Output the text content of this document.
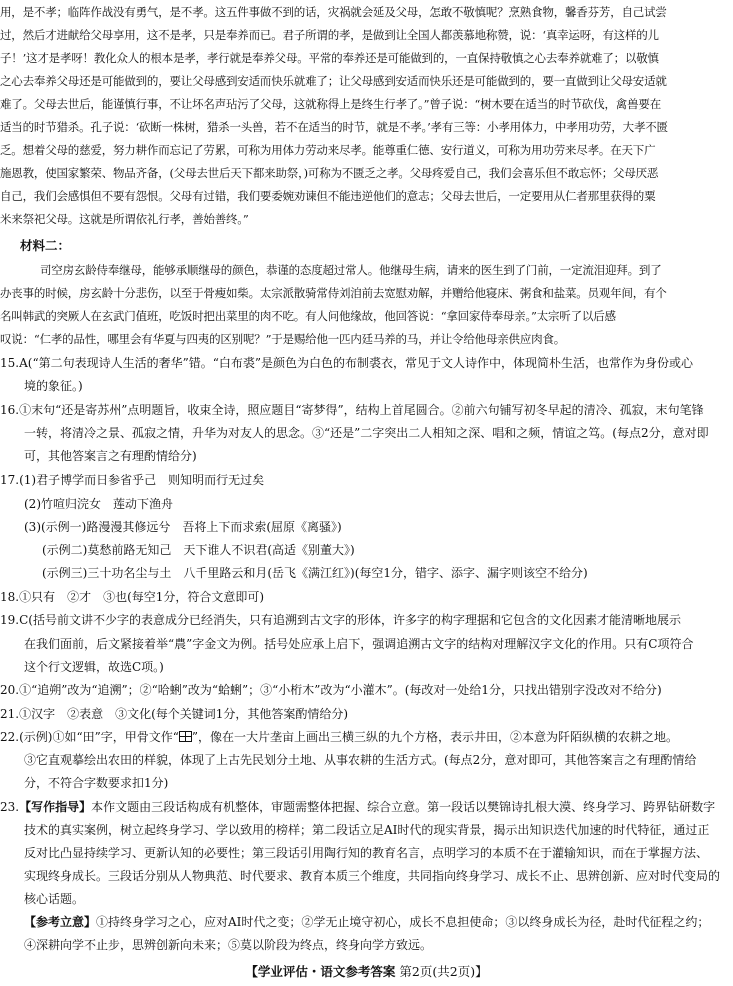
用，是不孝；临阵作战没有勇气，是不孝。这五件事做不到的话，灾祸就会延及父母，怎敢不敬慎呢？烹熟食物，馨香芬芳，自己试尝
过，然后才进献给父母享用，这不是孝，只是奉养而已。君子所谓的孝，是做到让全国人都羡慕地称赞，说：‘真幸运呀，有这样的儿
子！’这才是孝呀！教化众人的根本是孝，孝行就是奉养父母。平常的奉养还是可能做到的，一直保持敬慎之心去奉养就难了；以敬慎
之心去奉养父母还是可能做到的，要让父母感到安适而快乐就难了；让父母感到安适而快乐还是可能做到的，要一直做到让父母安适就
难了。父母去世后，能谨慎行事，不让坏名声玷污了父母，这就称得上是终生行孝了。”曾子说：“树木要在适当的时节砍伐，禽兽要在
适当的时节猎杀。孔子说：‘砍断一株树，猎杀一头兽，若不在适当的时节，就是不孝。’孝有三等：小孝用体力，中孝用功劳，大孝不匮
乏。想着父母的慈爱，努力耕作而忘记了劳累，可称为用体力劳动来尽孝。能尊重仁德、安行道义，可称为用功劳来尽孝。在天下广
施恩教，使国家繁荣、物品齐备，(父母去世后天下都来助祭，)可称为不匮乏之孝。父母疼爱自己，我们会喜乐但不敢忘怀；父母厌恶
自己，我们会感惧但不要有怨恨。父母有过错，我们要委婉劝谏但不能违逆他们的意志；父母去世后，一定要用从仁者那里获得的粟
米来祭祀父母。这就是所谓依礼行孝，善始善终。”
材料二：
司空房玄龄侍奉继母，能够承顺继母的颜色，恭谨的态度超过常人。他继母生病，请来的医生到了门前，一定流泪迎拜。到了
办丧事的时候，房玄龄十分悲伤，以至于骨瘦如柴。太宗派散骑常侍刘洎前去宽慰劝解，并赠给他寝床、粥食和盐菜。员观年间，有个
名叫韩武的突厥人在玄武门值班，吃饭时把出菜里的肉不吃。有人问他缘故，他回答说：“拿回家侍奉母亲。”太宗听了以后感
叹说：“仁孝的品性，哪里会有华夏与四夷的区别呢？”于是赐给他一匹内廷马养的马，并让令给他母亲供应肉食。
15.A(“第二句表现诗人生活的奢华”错。“白布裘”是颜色为白色的布制裘衣，常见于文人诗作中，体现简朴生活，也常作为身份或心
境的象征。)
16.①末句“还是寄苏州”点明题旨，收束全诗，照应题目“寄梦得”，结构上首尾圆合。②前六句铺写初冬早起的清冷、孤寂，末句笔锋
一转，将清冷之景、孤寂之情，升华为对友人的思念。③“还是”二字突出二人相知之深、唱和之频，情谊之笃。(每点2分，意对即
可，其他答案言之有理酌情给分)
17.(1)君子博学而日参省乎己　则知明而行无过矣
(2)竹喧归浣女　莲动下渔舟
(3)(示例一)路漫漫其修远兮　吾将上下而求索(屈原《离骚》)
(示例二)莫愁前路无知己　天下谁人不识君(高适《别董大》)
(示例三)三十功名尘与土　八千里路云和月(岳飞《满江红》)(每空1分，错字、添字、漏字则该空不给分)
18.①只有　②才　③也(每空1分，符合文意即可)
19.C(括号前文讲不少字的表意成分已经消失，只有追溯到古文字的形体，许多字的构字理据和它包含的文化因素才能清晰地展示
在我们面前，后文紧接着举“農”字金文为例。括号处应承上启下，强调追溯古文字的结构对理解汉字文化的作用。只有C项符合
这个行文逻辑，故选C项。)
20.①“追朔”改为“追溯”；②“哈蜊”改为“蛤蜊”；③“小桁木”改为“小灌木”。(每改对一处给1分，只找出错别字没改对不给分)
21.①汉字　②表意　③文化(每个关键词1分，其他答案酌情给分)
22.(示例)①如“田”字，甲骨文作“ ”，像在一大片垄亩上画出三横三纵的九个方格，表示井田，②本意为阡陌纵横的农耕之地。
③它直观摹绘出农田的样貌，体现了上古先民划分土地、从事农耕的生活方式。(每点2分，意对即可，其他答案言之有理酌情给
分，不符合字数要求扣1分)
23.【写作指导】本作文题由三段话构成有机整体，审题需整体把握、综合立意。第一段话以樊锦诗扎根大漠、终身学习、跨界钻研数字
技术的真实案例，树立起终身学习、学以致用的榜样；第二段话立足AI时代的现实背景，揭示出知识迭代加速的时代特征，通过正
反对比凸显持续学习、更新认知的必要性；第三段话引用陶行知的教育名言，点明学习的本质不在于灌输知识，而在于掌握方法、
实现终身成长。三段话分别从人物典范、时代要求、教育本质三个维度，共同指向终身学习、成长不止、思辨创新、应对时代变局的
核心话题。
【参考立意】①持终身学习之心，应对AI时代之变；②学无止境守初心，成长不息担使命；③以终身成长为径，赴时代征程之约；
④深耕向学不止步，思辨创新向未来；⑤莫以阶段为终点，终身向学方致远。
【学业评估・语文参考答案 第2页(共2页)】
